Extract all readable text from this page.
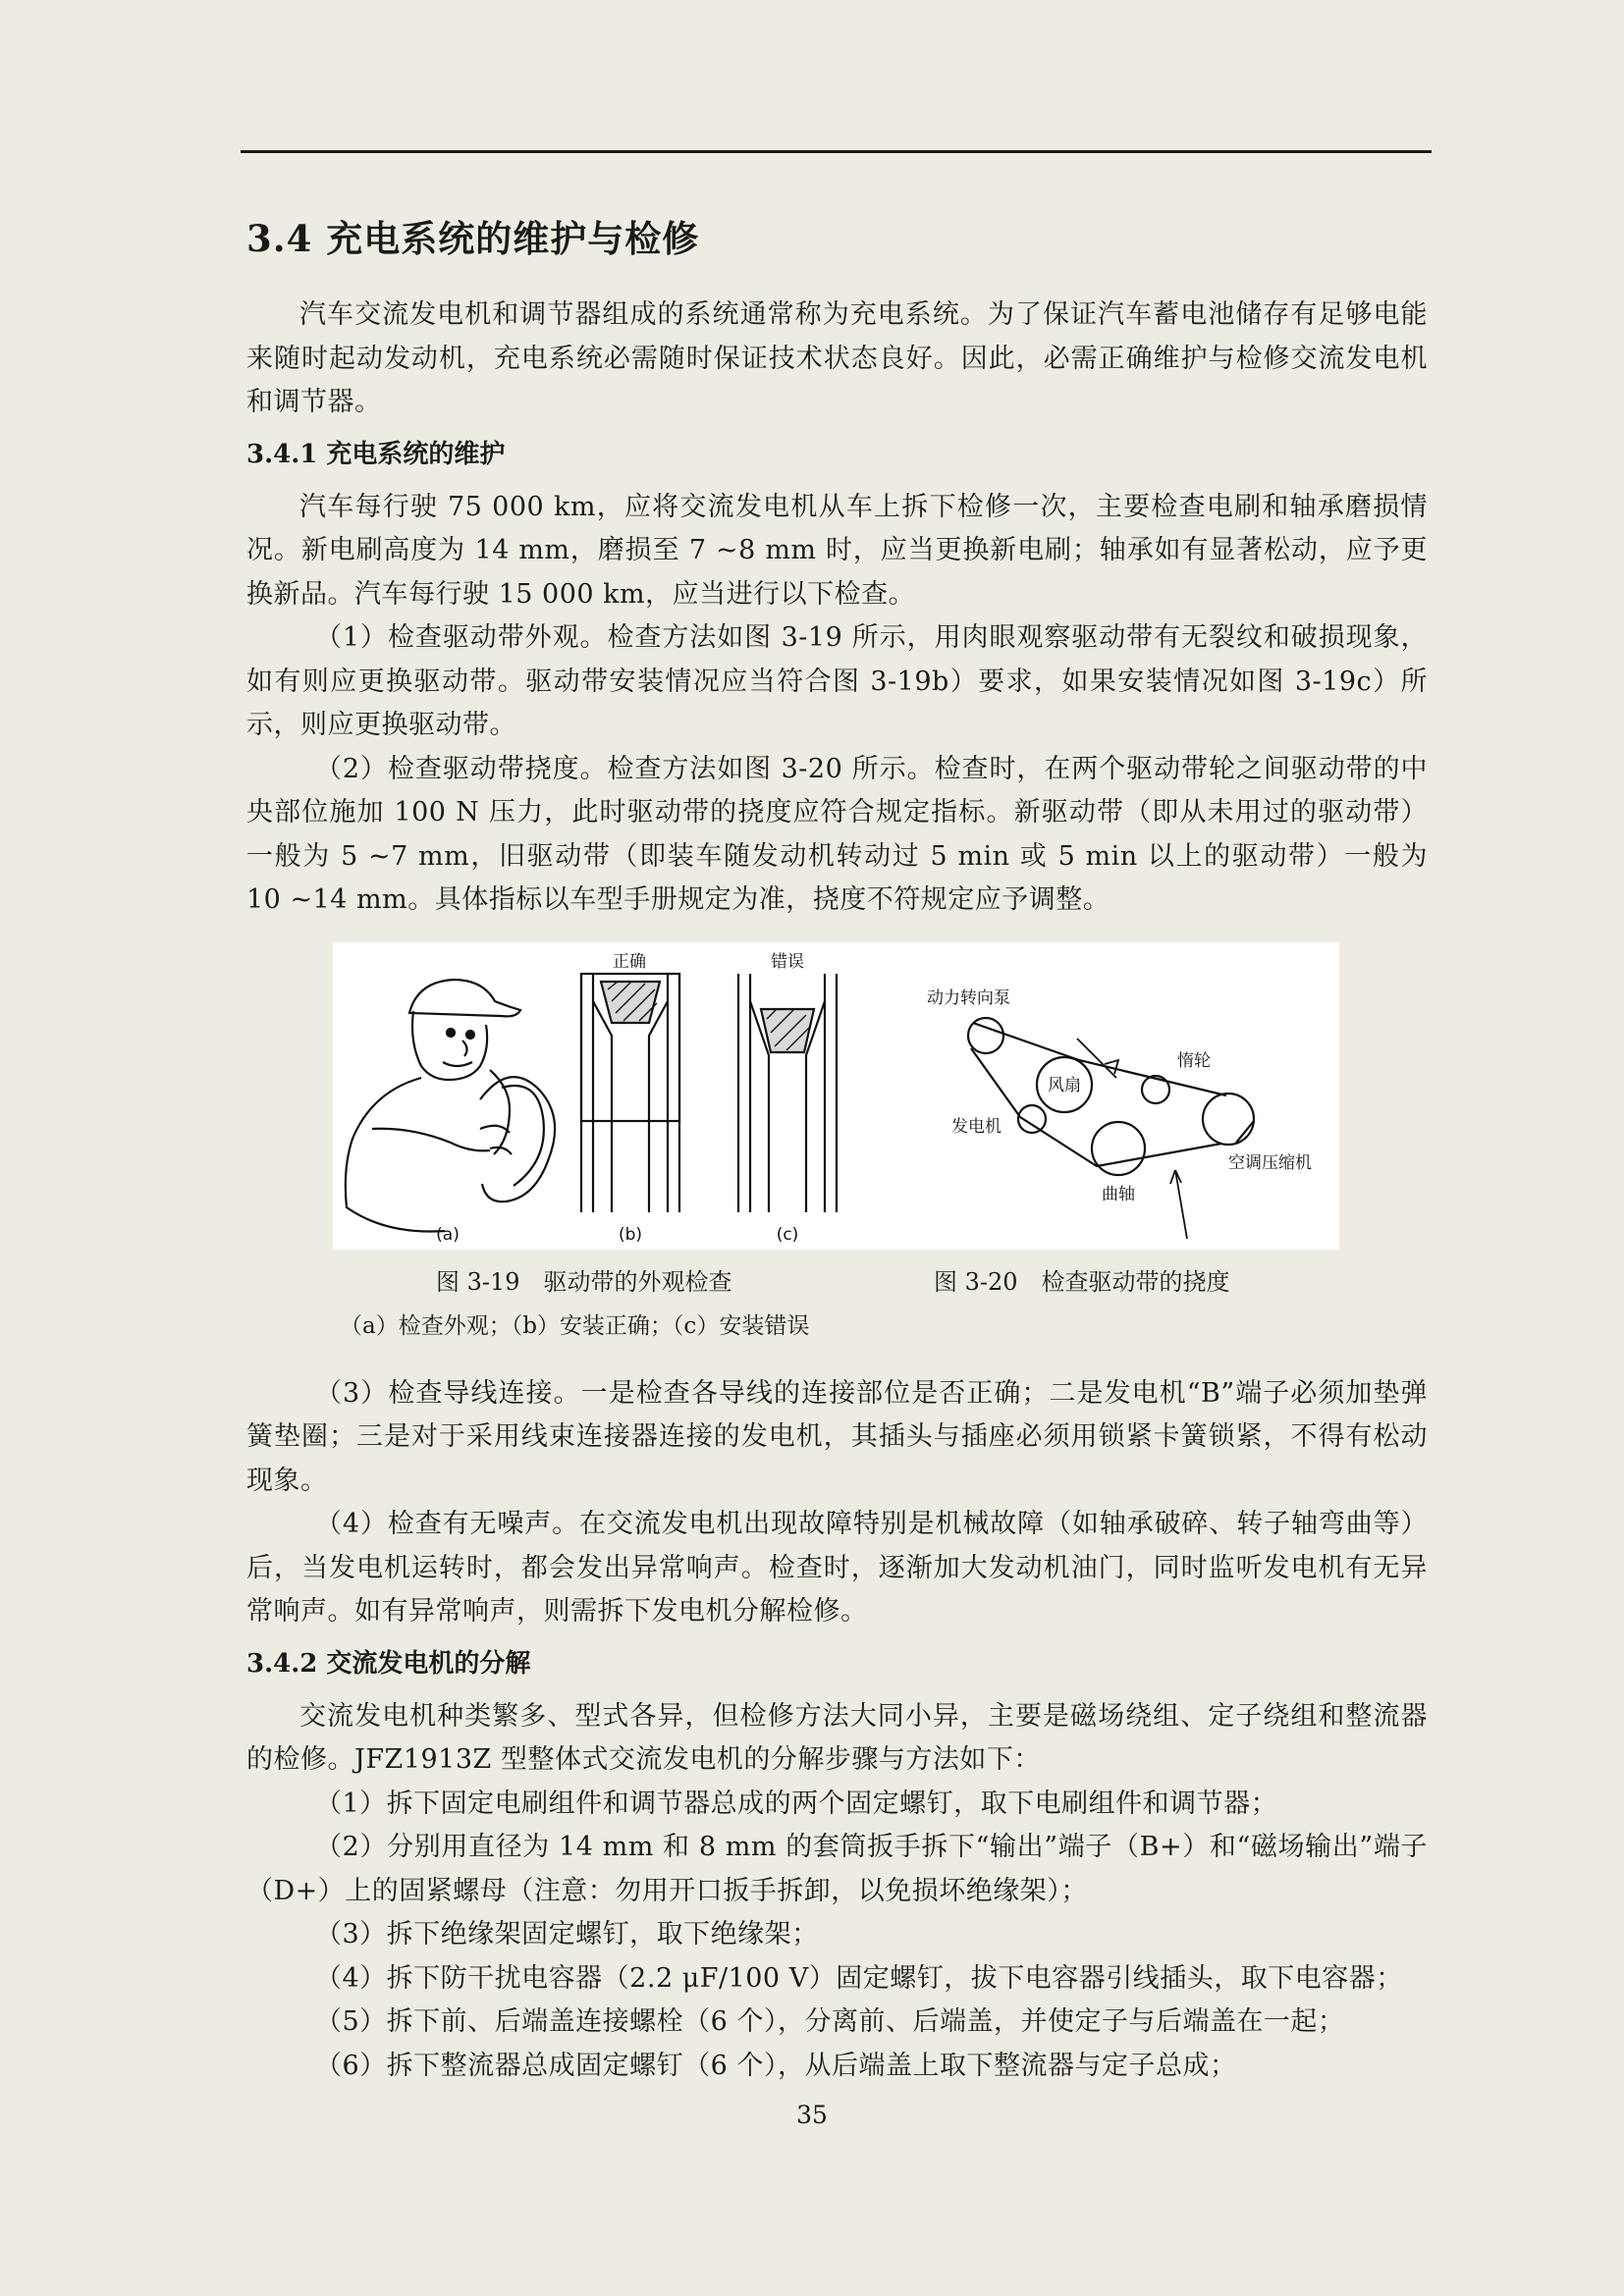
3.4 充电系统的维护与检修

汽车交流发电机和调节器组成的系统通常称为充电系统。为了保证汽车蓄电池储存有足够电能来随时起动发动机，充电系统必需随时保证技术状态良好。因此，必需正确维护与检修交流发电机和调节器。

3.4.1 充电系统的维护

汽车每行驶 75 000 km，应将交流发电机从车上拆下检修一次，主要检查电刷和轴承磨损情况。新电刷高度为 14 mm，磨损至 7 ~8 mm 时，应当更换新电刷；轴承如有显著松动，应予更换新品。汽车每行驶 15 000 km，应当进行以下检查。

（1）检查驱动带外观。检查方法如图 3-19 所示，用肉眼观察驱动带有无裂纹和破损现象，如有则应更换驱动带。驱动带安装情况应当符合图 3-19b）要求，如果安装情况如图 3-19c）所示，则应更换驱动带。

（2）检查驱动带挠度。检查方法如图 3-20 所示。检查时，在两个驱动带轮之间驱动带的中央部位施加 100 N 压力，此时驱动带的挠度应符合规定指标。新驱动带（即从未用过的驱动带）一般为 5 ~7 mm，旧驱动带（即装车随发动机转动过 5 min 或 5 min 以上的驱动带）一般为 10 ~14 mm。具体指标以车型手册规定为准，挠度不符规定应予调整。

正确	错误
(a)	(b)	(c)
动力转向泵
风扇
惰轮
发电机
曲轴
空调压缩机
图 3-19　驱动带的外观检查	图 3-20　检查驱动带的挠度
（a）检查外观；（b）安装正确；（c）安装错误

（3）检查导线连接。一是检查各导线的连接部位是否正确；二是发电机“B”端子必须加垫弹簧垫圈；三是对于采用线束连接器连接的发电机，其插头与插座必须用锁紧卡簧锁紧，不得有松动现象。

（4）检查有无噪声。在交流发电机出现故障特别是机械故障（如轴承破碎、转子轴弯曲等）后，当发电机运转时，都会发出异常响声。检查时，逐渐加大发动机油门，同时监听发电机有无异常响声。如有异常响声，则需拆下发电机分解检修。

3.4.2 交流发电机的分解

交流发电机种类繁多、型式各异，但检修方法大同小异，主要是磁场绕组、定子绕组和整流器的检修。JFZ1913Z 型整体式交流发电机的分解步骤与方法如下：

（1）拆下固定电刷组件和调节器总成的两个固定螺钉，取下电刷组件和调节器；

（2）分别用直径为 14 mm 和 8 mm 的套筒扳手拆下“输出”端子（B+）和“磁场输出”端子（D+）上的固紧螺母（注意：勿用开口扳手拆卸，以免损坏绝缘架）；

（3）拆下绝缘架固定螺钉，取下绝缘架；

（4）拆下防干扰电容器（2.2 μF/100 V）固定螺钉，拔下电容器引线插头，取下电容器；

（5）拆下前、后端盖连接螺栓（6 个），分离前、后端盖，并使定子与后端盖在一起；

（6）拆下整流器总成固定螺钉（6 个），从后端盖上取下整流器与定子总成；

35
